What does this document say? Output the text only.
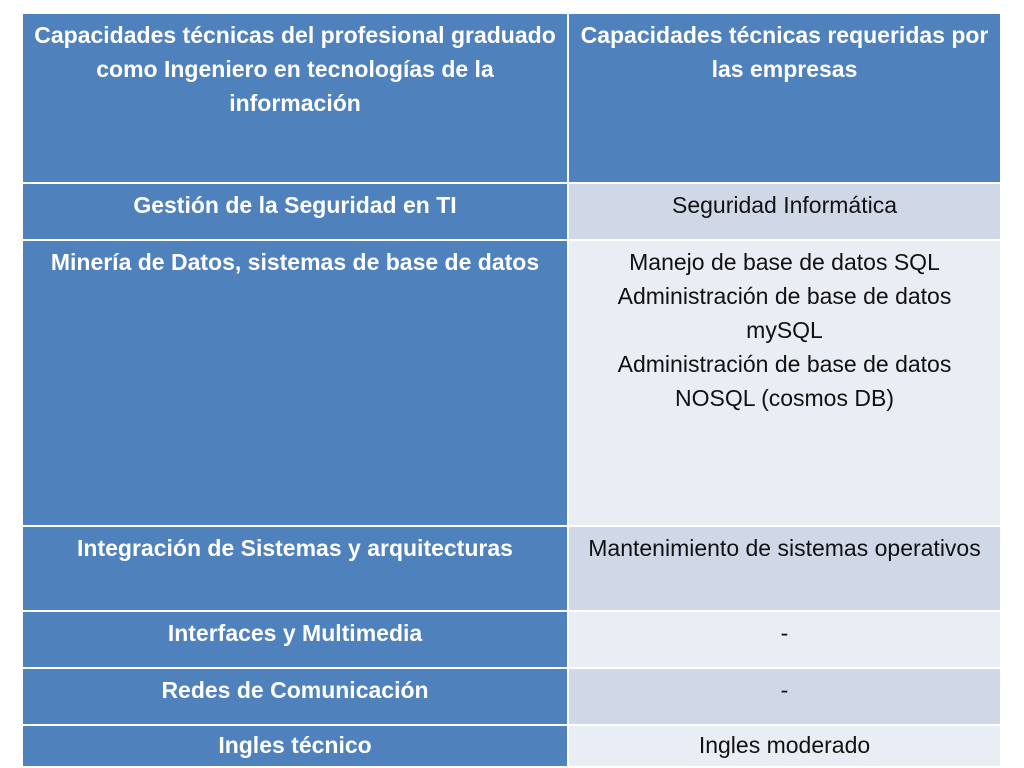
Capacidades técnicas del profesional graduado como Ingeniero en tecnologías de la información	Capacidades técnicas requeridas por las empresas
Gestión de la Seguridad en TI	Seguridad Informática
Minería de Datos, sistemas de base de datos	Manejo de base de datos SQL
Administración de base de datos mySQL
Administración de base de datos NOSQL (cosmos DB)
Integración de Sistemas y arquitecturas	Mantenimiento de sistemas operativos
Interfaces y Multimedia	-
Redes de Comunicación	-
Ingles técnico	Ingles moderado
